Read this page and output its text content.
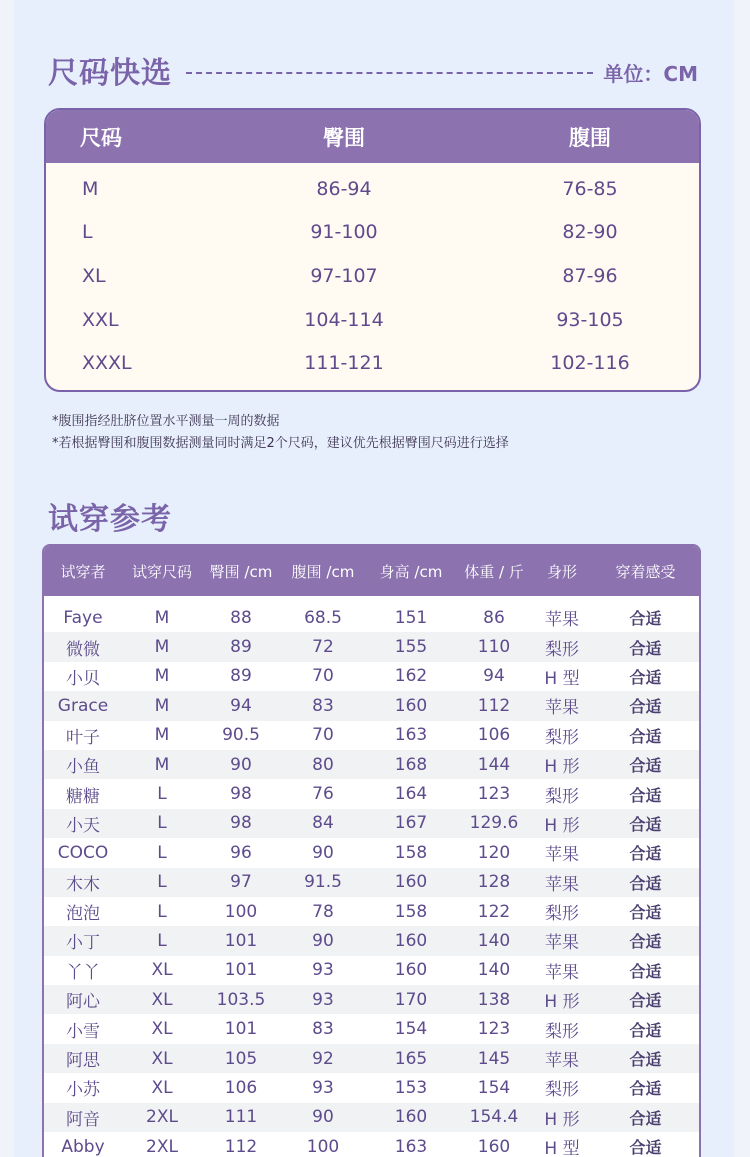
尺码快选	单位：CM
尺码	臀围	腹围
M	86-94	76-85
L	91-100	82-90
XL	97-107	87-96
XXL	104-114	93-105
XXXL	111-121	102-116
*腹围指经肚脐位置水平测量一周的数据
*若根据臀围和腹围数据测量同时满足2个尺码，建议优先根据臀围尺码进行选择
试穿参考
试穿者	试穿尺码	臀围 /cm	腹围 /cm	身高 /cm	体重 / 斤	身形	穿着感受
Faye	M	88	68.5	151	86	苹果	合适
微微	M	89	72	155	110	梨形	合适
小贝	M	89	70	162	94	H 型	合适
Grace	M	94	83	160	112	苹果	合适
叶子	M	90.5	70	163	106	梨形	合适
小鱼	M	90	80	168	144	H 形	合适
糖糖	L	98	76	164	123	梨形	合适
小天	L	98	84	167	129.6	H 形	合适
COCO	L	96	90	158	120	苹果	合适
木木	L	97	91.5	160	128	苹果	合适
泡泡	L	100	78	158	122	梨形	合适
小丁	L	101	90	160	140	苹果	合适
丫丫	XL	101	93	160	140	苹果	合适
阿心	XL	103.5	93	170	138	H 形	合适
小雪	XL	101	83	154	123	梨形	合适
阿思	XL	105	92	165	145	苹果	合适
小苏	XL	106	93	153	154	梨形	合适
阿音	2XL	111	90	160	154.4	H 形	合适
Abby	2XL	112	100	163	160	H 型	合适
